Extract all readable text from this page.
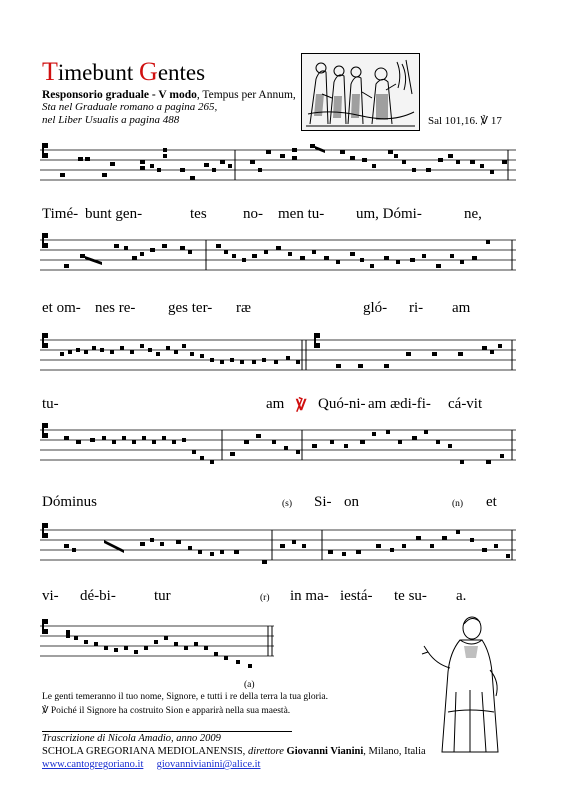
Timebunt Gentes
Responsorio graduale - V modo, Tempus per Annum,
Sta nel Graduale romano a pagina 265,
nel Liber Usualis a pagina 488	Sal 101,16. ℣ 17
Timé- bunt gen-	tes no- men tu- um, Dómi-	ne,
et om- nes re- ges ter- ræ	gló- ri- am
tu-	am ℣ Quó-ni- am ædi-fi- cá-vit
Dóminus	(s) Si- on	(n) et
vi- dé-bi-	tur	(r) in ma- iestá- te su- a.
(a)
Le genti temeranno il tuo nome, Signore, e tutti i re della terra la tua gloria.
℣ Poiché il Signore ha costruito Sion e apparirà nella sua maestà.
Trascrizione di Nicola Amadio, anno 2009
SCHOLA GREGORIANA MEDIOLANENSIS, direttore Giovanni Vianini, Milano, Italia
www.cantogregoriano.it giovannivianini@alice.it
